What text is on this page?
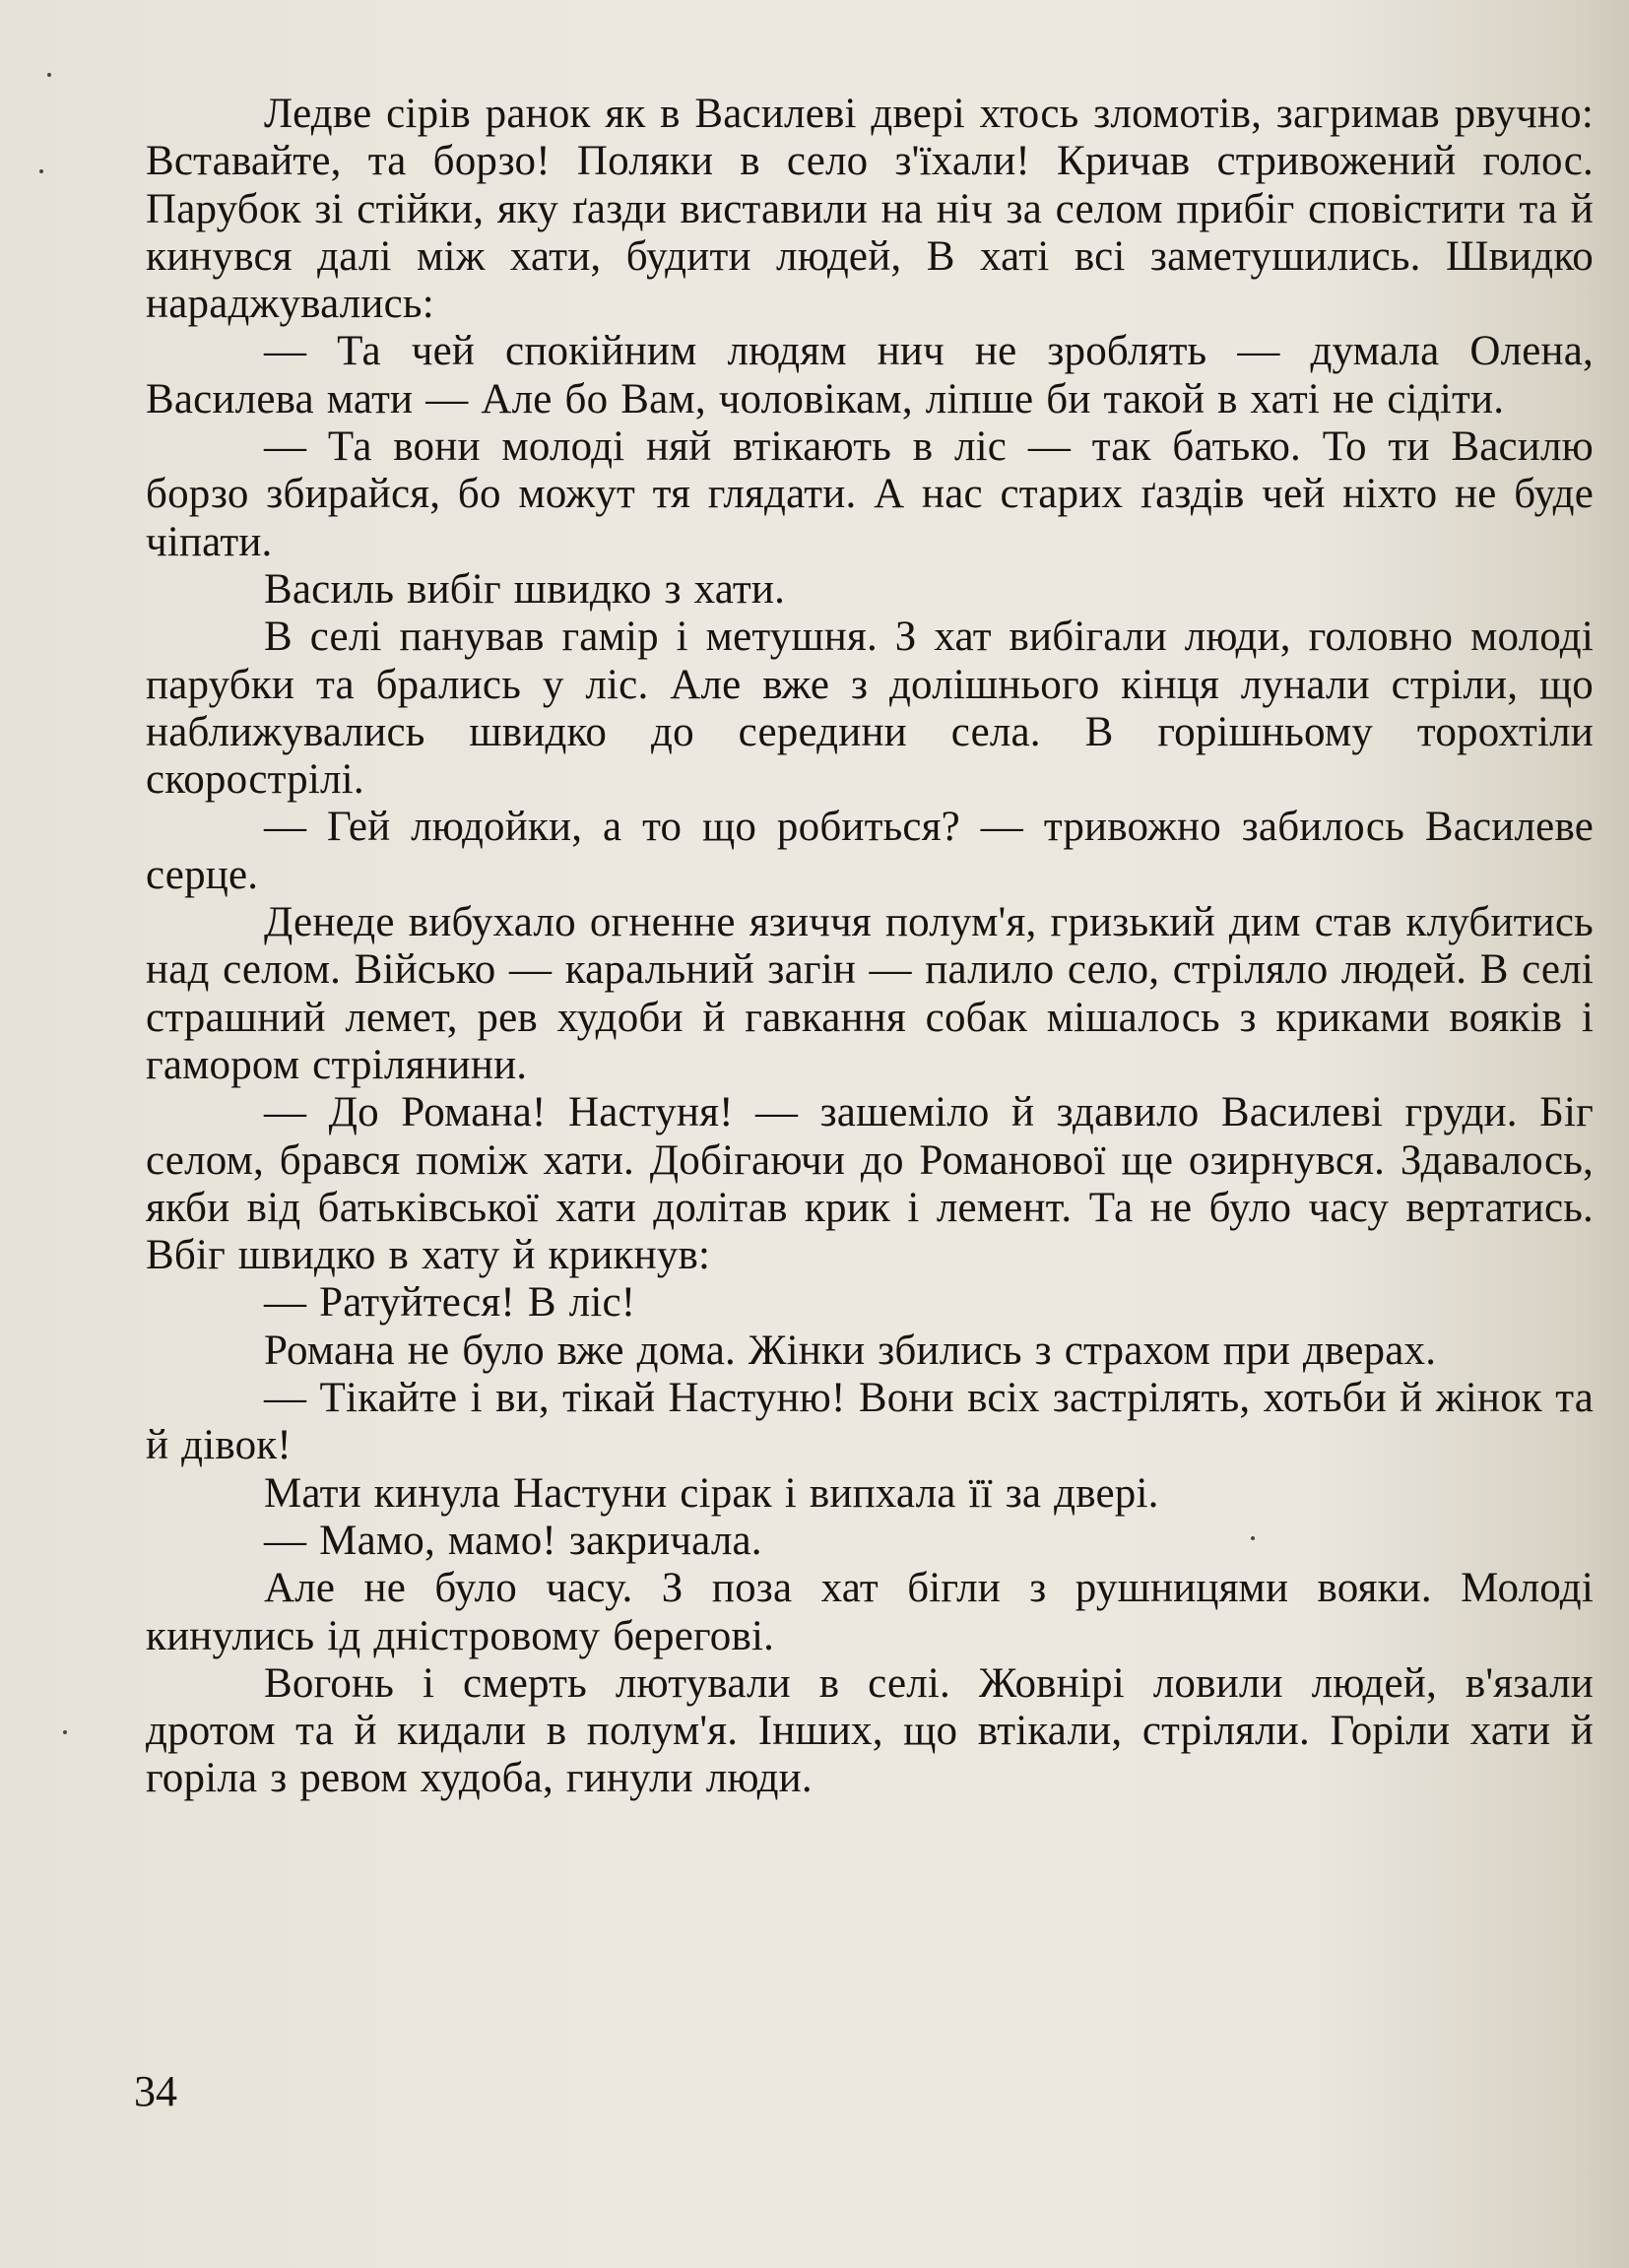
Ледве сірів ранок як в Василеві двері хтось зломотів, загримав рвучно: Вставайте, та борзо! Поляки в село з'їхали! Кричав стривожений голос. Парубок зі стійки, яку ґазди виставили на ніч за селом прибіг сповістити та й кинувся далі між хати, будити людей, В хаті всі заметушились. Швидко нараджувались:

— Та чей спокійним людям нич не зроблять — думала Олена, Василева мати — Але бо Вам, чоловікам, ліпше би такой в хаті не сідіти.

— Та вони молоді няй втікають в ліс — так батько. То ти Василю борзо збирайся, бо можут тя глядати. А нас старих ґаздів чей ніхто не буде чіпати.

Василь вибіг швидко з хати.

В селі панував гамір і метушня. З хат вибігали люди, головно молоді парубки та брались у ліс. Але вже з долішнього кінця лунали стріли, що наближувались швидко до середини села. В горішньому торохтіли скорострілі.

— Гей людойки, а то що робиться? — тривожно забилось Василеве серце.

Денеде вибухало огненне язиччя полум'я, гризький дим став клубитись над селом. Військо — каральний загін — палило село, стріляло людей. В селі страшний лемет, рев худоби й гавкання собак мішалось з криками вояків і гамором стрілянини.

— До Романа! Настуня! — зашеміло й здавило Василеві груди. Біг селом, брався поміж хати. Добігаючи до Романової ще озирнувся. Здавалось, якби від батьківської хати долітав крик і лемент. Та не було часу вертатись. Вбіг швидко в хату й крикнув:

— Ратуйтеся! В ліс!

Романа не було вже дома. Жінки збились з страхом при дверах.

— Тікайте і ви, тікай Настуню! Вони всіх застрілять, хотьби й жінок та й дівок!

Мати кинула Настуни сірак і випхала її за двері.

— Мамо, мамо! закричала.

Але не було часу. З поза хат бігли з рушницями вояки. Молоді кинулись ід дністровому берегові.

Вогонь і смерть лютували в селі. Жовнірі ловили людей, в'язали дротом та й кидали в полум'я. Інших, що втікали, стріляли. Горіли хати й горіла з ревом худоба, гинули люди.

34
